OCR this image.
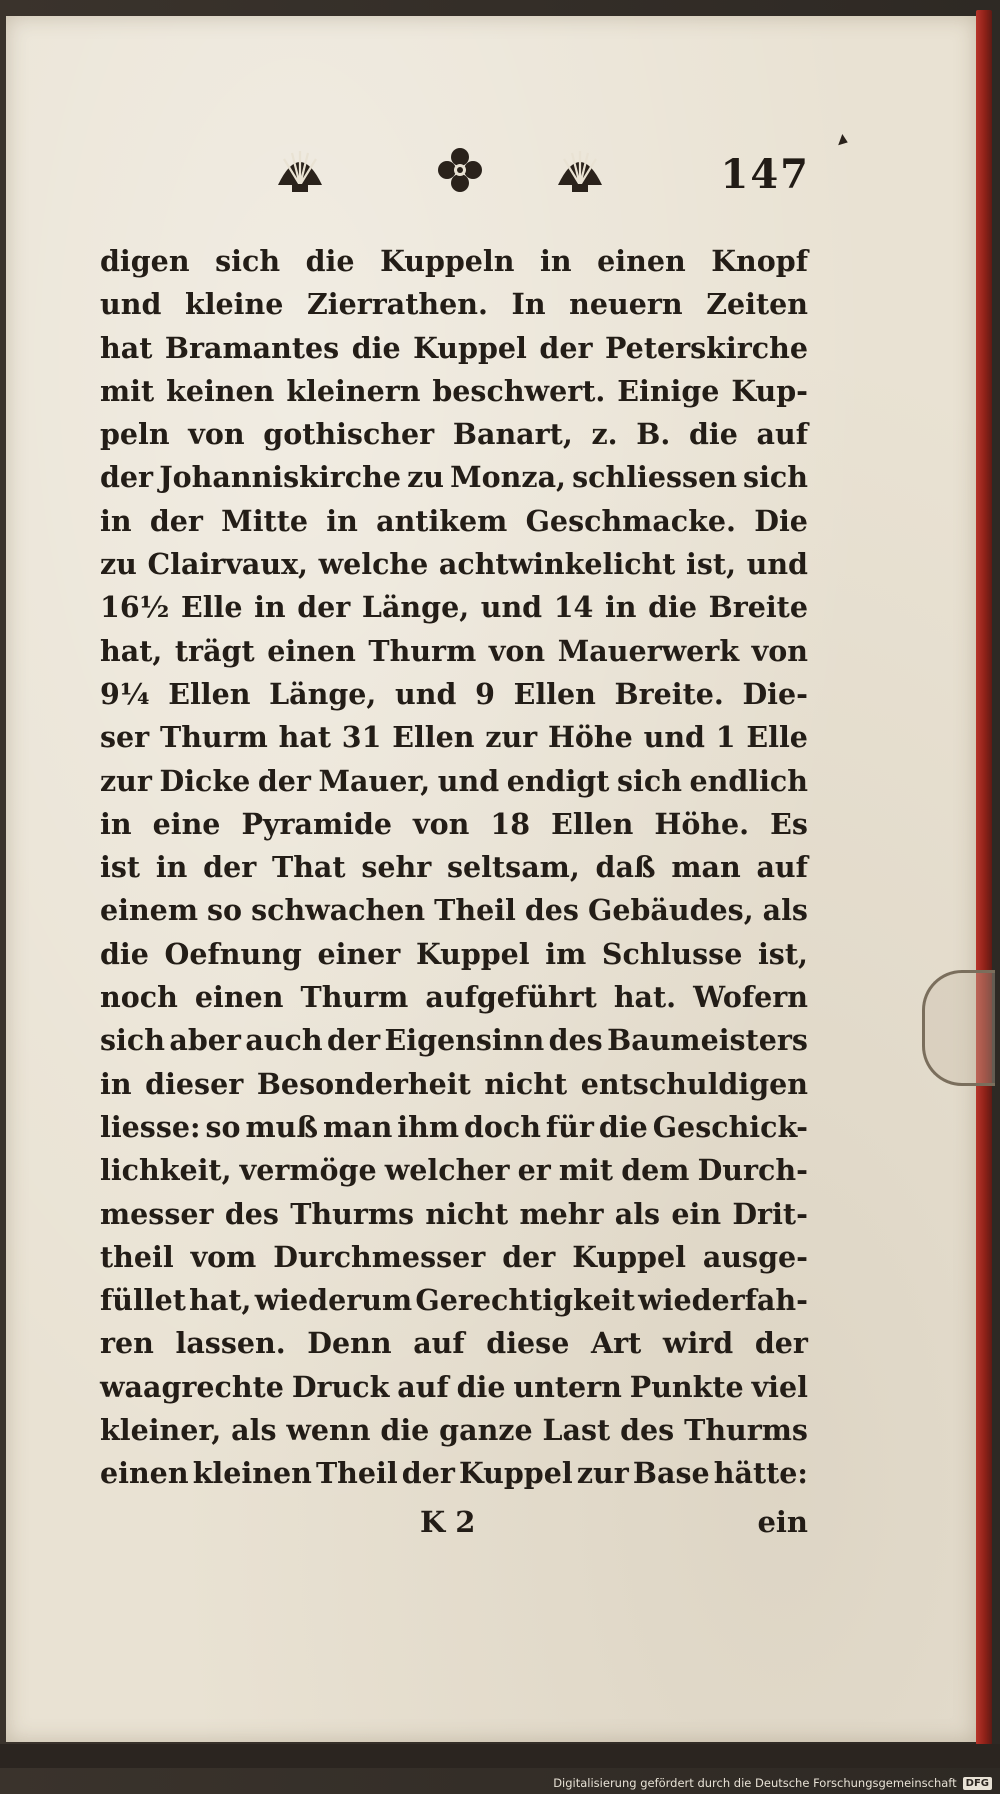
147
digen sich die Kuppeln in einen Knopf
und kleine Zierrathen. In neuern Zeiten
hat Bramantes die Kuppel der Peterskirche
mit keinen kleinern beschwert. Einige Kup-
peln von gothischer Banart, z. B. die auf
der Johanniskirche zu Monza, schliessen sich
in der Mitte in antikem Geschmacke. Die
zu Clairvaux, welche achtwinkelicht ist, und
16½ Elle in der Länge, und 14 in die Breite
hat, trägt einen Thurm von Mauerwerk von
9¼ Ellen Länge, und 9 Ellen Breite. Die-
ser Thurm hat 31 Ellen zur Höhe und 1 Elle
zur Dicke der Mauer, und endigt sich endlich
in eine Pyramide von 18 Ellen Höhe. Es
ist in der That sehr seltsam, daß man auf
einem so schwachen Theil des Gebäudes, als
die Oefnung einer Kuppel im Schlusse ist,
noch einen Thurm aufgeführt hat. Wofern
sich aber auch der Eigensinn des Baumeisters
in dieser Besonderheit nicht entschuldigen
liesse: so muß man ihm doch für die Geschick-
lichkeit, vermöge welcher er mit dem Durch-
messer des Thurms nicht mehr als ein Drit-
theil vom Durchmesser der Kuppel ausge-
füllet hat, wiederum Gerechtigkeit wiederfah-
ren lassen. Denn auf diese Art wird der
waagrechte Druck auf die untern Punkte viel
kleiner, als wenn die ganze Last des Thurms
einen kleinen Theil der Kuppel zur Base hätte:
K 2	ein
Digitalisierung gefördert durch die Deutsche Forschungsgemeinschaft DFG
